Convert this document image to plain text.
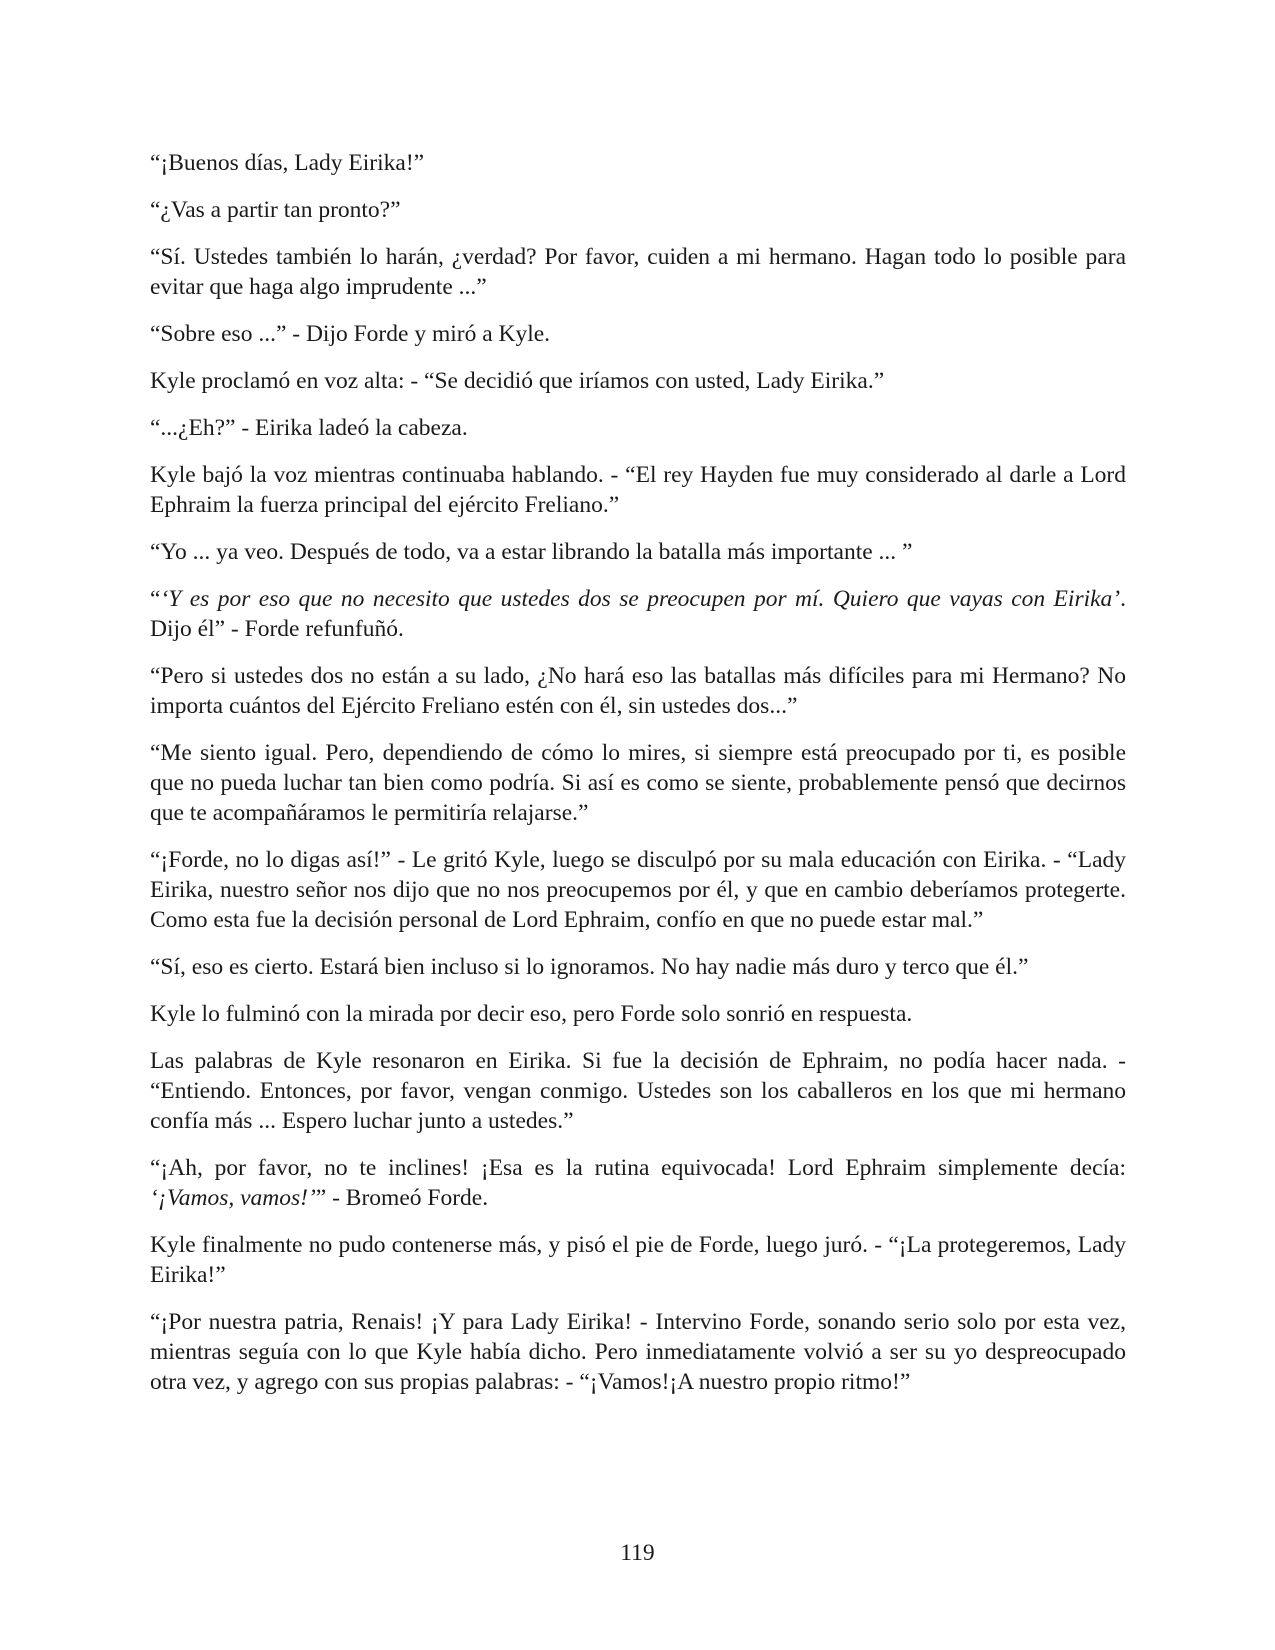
“¡Buenos días, Lady Eirika!”

“¿Vas a partir tan pronto?”

“Sí. Ustedes también lo harán, ¿verdad? Por favor, cuiden a mi hermano. Hagan todo lo posible para evitar que haga algo imprudente ...”

“Sobre eso ...” - Dijo Forde y miró a Kyle.

Kyle proclamó en voz alta: - “Se decidió que iríamos con usted, Lady Eirika.”

“...¿Eh?” - Eirika ladeó la cabeza.

Kyle bajó la voz mientras continuaba hablando. - “El rey Hayden fue muy considerado al darle a Lord Ephraim la fuerza principal del ejército Freliano.”

“Yo ... ya veo. Después de todo, va a estar librando la batalla más importante ... ”

“‘Y es por eso que no necesito que ustedes dos se preocupen por mí. Quiero que vayas con Eirika’. Dijo él” - Forde refunfuñó.

“Pero si ustedes dos no están a su lado, ¿No hará eso las batallas más difíciles para mi Hermano? No importa cuántos del Ejército Freliano estén con él, sin ustedes dos...”

“Me siento igual. Pero, dependiendo de cómo lo mires, si siempre está preocupado por ti, es posible que no pueda luchar tan bien como podría. Si así es como se siente, probablemente pensó que decirnos que te acompañáramos le permitiría relajarse.”

“¡Forde, no lo digas así!” - Le gritó Kyle, luego se disculpó por su mala educación con Eirika. - “Lady Eirika, nuestro señor nos dijo que no nos preocupemos por él, y que en cambio deberíamos protegerte. Como esta fue la decisión personal de Lord Ephraim, confío en que no puede estar mal.”

“Sí, eso es cierto. Estará bien incluso si lo ignoramos. No hay nadie más duro y terco que él.”

Kyle lo fulminó con la mirada por decir eso, pero Forde solo sonrió en respuesta.

Las palabras de Kyle resonaron en Eirika. Si fue la decisión de Ephraim, no podía hacer nada. - “Entiendo. Entonces, por favor, vengan conmigo. Ustedes son los caballeros en los que mi hermano confía más ... Espero luchar junto a ustedes.”

“¡Ah, por favor, no te inclines! ¡Esa es la rutina equivocada! Lord Ephraim simplemente decía: ‘¡Vamos, vamos!’” - Bromeó Forde.

Kyle finalmente no pudo contenerse más, y pisó el pie de Forde, luego juró. - “¡La protegeremos, Lady Eirika!”

“¡Por nuestra patria, Renais! ¡Y para Lady Eirika! - Intervino Forde, sonando serio solo por esta vez, mientras seguía con lo que Kyle había dicho. Pero inmediatamente volvió a ser su yo despreocupado otra vez, y agrego con sus propias palabras: - “¡Vamos!¡A nuestro propio ritmo!”

119
